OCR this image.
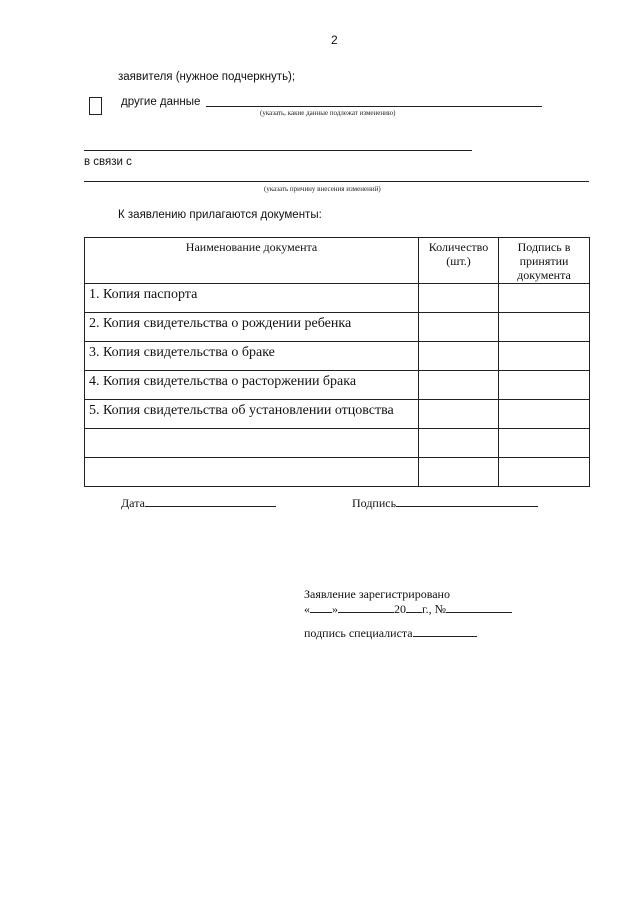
2
заявителя (нужное подчеркнуть);
другие данные
(указать, какие данные подлежат изменению)
в связи с
(указать причину внесения изменений)
К заявлению прилагаются документы:
Наименование документа	Количество (шт.)	Подпись в принятии документа
1. Копия паспорта		
2. Копия свидетельства о рождении ребенка		
3. Копия свидетельства о браке		
4. Копия свидетельства о расторжении брака		
5. Копия свидетельства об установлении отцовства		

Дата	Подпись
Заявление зарегистрировано
« »	20 г., №
подпись специалиста
